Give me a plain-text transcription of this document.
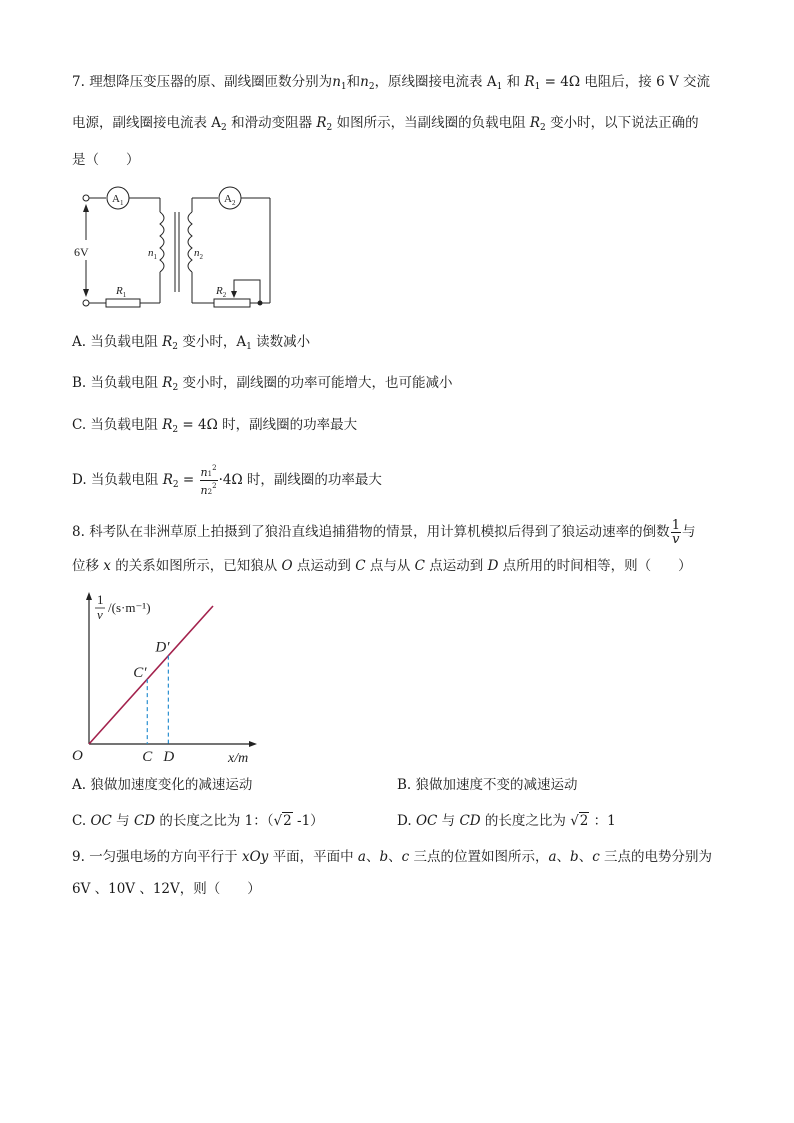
7. 理想降压变压器的原、副线圈匝数分别为$n_1$和$n_2$，原线圈接电流表 $A_1$ 和 $R_1 = 4\Omega$ 电阻后，接 6 V 交流
电源，副线圈接电流表 $A_2$ 和滑动变阻器 $R_2$ 如图所示，当副线圈的负载电阻 $R_2$ 变小时，以下说法正确的
是（　　）
6V
$A_1$	$A_2$
$n_1$	$n_2$
$R_1$	$R_2$
A. 当负载电阻 $R_2$ 变小时，$A_1$ 读数减小
B. 当负载电阻 $R_2$ 变小时，副线圈的功率可能增大，也可能减小
C. 当负载电阻 $R_2 = 4\Omega$ 时，副线圈的功率最大
D. 当负载电阻 $R_2 = \frac{n1^2}{n2^2} \cdot 4\Omega$ 时，副线圈的功率最大
8. 科考队在非洲草原上拍摄到了狼沿直线追捕猎物的情景，用计算机模拟后得到了狼运动速率的倒数 $\frac{1}{v}$ 与
位移 x 的关系如图所示，已知狼从 O 点运动到 C 点与从 C 点运动到 D 点所用的时间相等，则（　　）
C′
C
D′
D
1
v /(s·m⁻¹)
O	x/m
A. 狼做加速度变化的减速运动	B. 狼做加速度不变的减速运动
C. OC 与 CD 的长度之比为 1：（√2 -1）	D. OC 与 CD 的长度之比为 √2 ：1
9. 一匀强电场的方向平行于 xOy 平面，平面中 a、b、c 三点的位置如图所示，a、b、c 三点的电势分别为
6V 、10V 、12V，则（　　）
